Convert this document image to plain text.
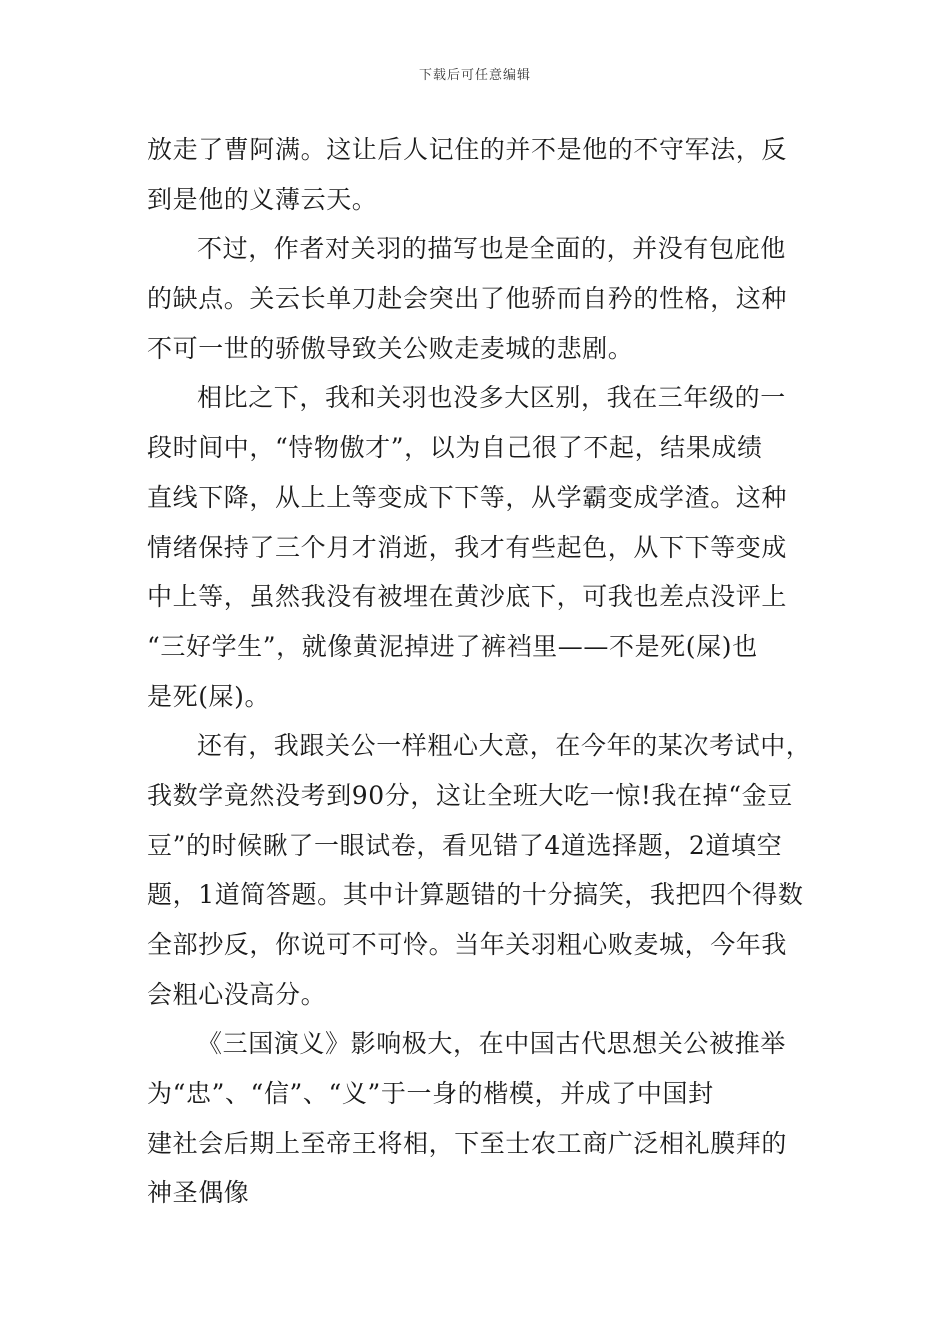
下载后可任意编辑
放走了曹阿满。这让后人记住的并不是他的不守军法，反
到是他的义薄云天。
不过，作者对关羽的描写也是全面的，并没有包庇他
的缺点。关云长单刀赴会突出了他骄而自矜的性格，这种
不可一世的骄傲导致关公败走麦城的悲剧。
相比之下，我和关羽也没多大区别，我在三年级的一
段时间中，“恃物傲才”，以为自己很了不起，结果成绩
直线下降，从上上等变成下下等，从学霸变成学渣。这种
情绪保持了三个月才消逝，我才有些起色，从下下等变成
中上等，虽然我没有被埋在黄沙底下，可我也差点没评上
“三好学生”，就像黄泥掉进了裤裆里——不是死(屎)也
是死(屎)。
还有，我跟关公一样粗心大意，在今年的某次考试中，
我数学竟然没考到90分，这让全班大吃一惊!我在掉“金豆
豆”的时候瞅了一眼试卷，看见错了4道选择题，2道填空
题，1道简答题。其中计算题错的十分搞笑，我把四个得数
全部抄反，你说可不可怜。当年关羽粗心败麦城，今年我
会粗心没高分。
《三国演义》影响极大，在中国古代思想关公被推举
为“忠”、“信”、“义”于一身的楷模，并成了中国封
建社会后期上至帝王将相，下至士农工商广泛相礼膜拜的
神圣偶像
